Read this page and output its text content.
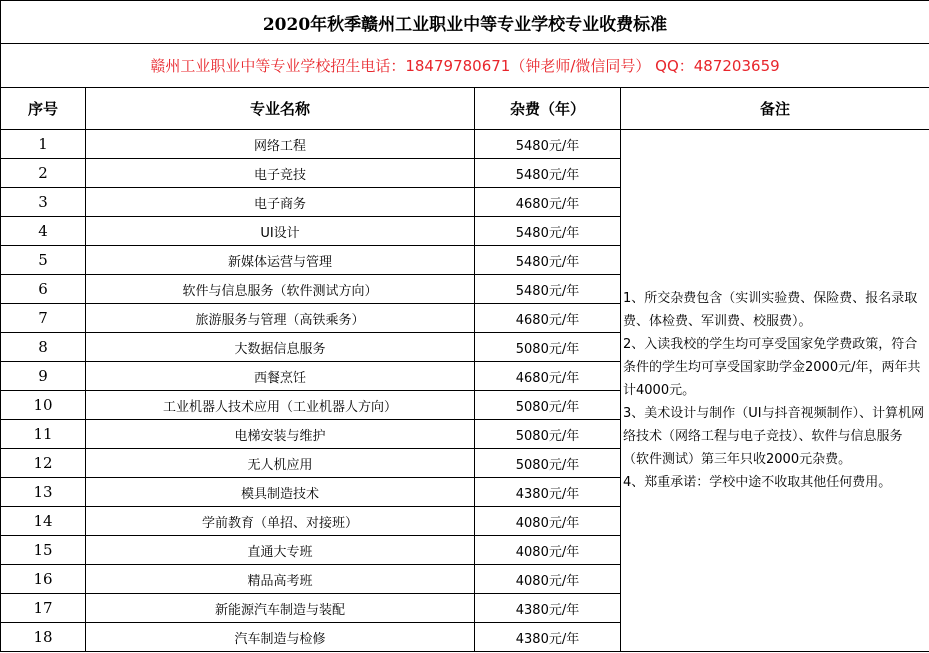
2020年秋季赣州工业职业中等专业学校专业收费标准			
赣州工业职业中等专业学校招生电话：18479780671（钟老师/微信同号） QQ：487203659			
序号	专业名称	杂费（年）	备注
1	网络工程	5480元/年	1、所交杂费包含（实训实验费、保险费、报名录取费、体检费、军训费、校服费）。
2、入读我校的学生均可享受国家免学费政策，符合条件的学生均可享受国家助学金2000元/年，两年共计4000元。
3、美术设计与制作（UI与抖音视频制作）、计算机网络技术（网络工程与电子竞技）、软件与信息服务（软件测试）第三年只收2000元杂费。
4、郑重承诺：学校中途不收取其他任何费用。

2	电子竞技	5480元/年	
3	电子商务	4680元/年	
4	UI设计	5480元/年	
5	新媒体运营与管理	5480元/年	
6	软件与信息服务（软件测试方向）	5480元/年	
7	旅游服务与管理（高铁乘务）	4680元/年	
8	大数据信息服务	5080元/年	
9	西餐烹饪	4680元/年	
10	工业机器人技术应用（工业机器人方向）	5080元/年	
11	电梯安装与维护	5080元/年	
12	无人机应用	5080元/年	
13	模具制造技术	4380元/年	
14	学前教育（单招、对接班）	4080元/年	
15	直通大专班	4080元/年	
16	精品高考班	4080元/年	
17	新能源汽车制造与装配	4380元/年	
18	汽车制造与检修	4380元/年	
